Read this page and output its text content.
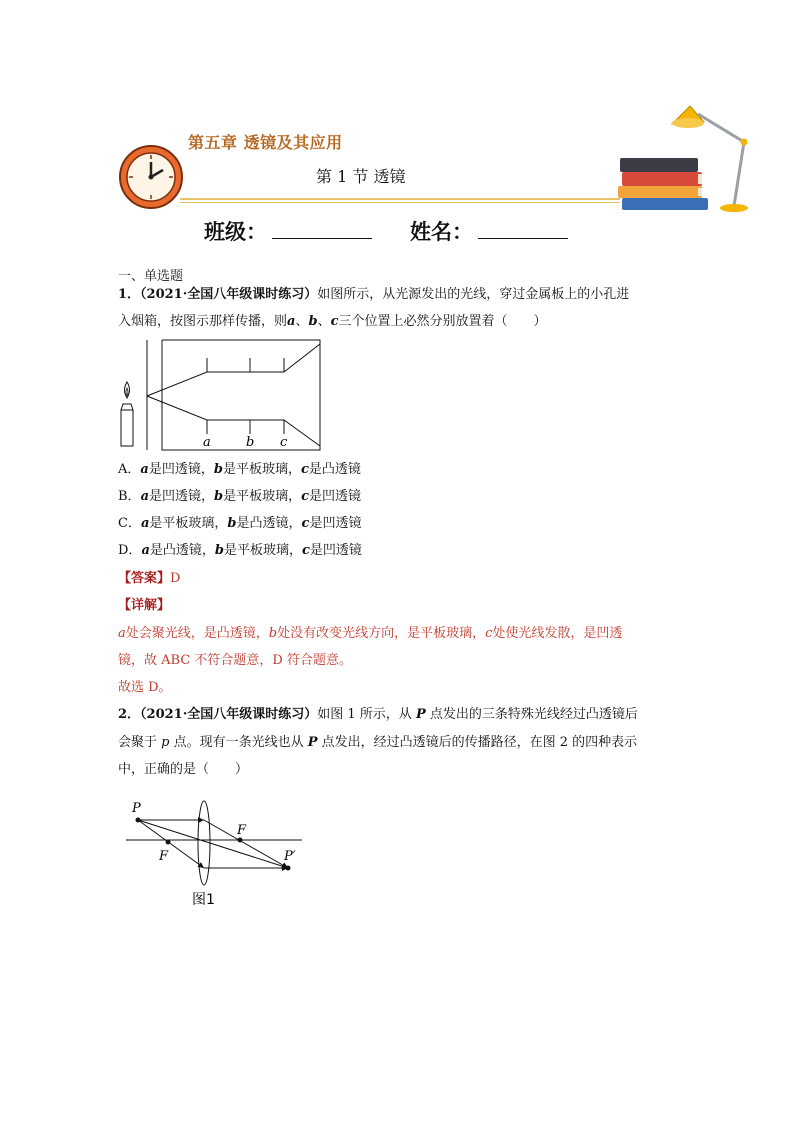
第五章 透镜及其应用
第 1 节 透镜
班级：	姓名：
一、单选题
1．（2021·全国八年级课时练习）如图所示，从光源发出的光线，穿过金属板上的小孔进
入烟箱，按图示那样传播，则a、b、c三个位置上必然分别放置着（　　）
a	b c
A．a是凹透镜，b是平板玻璃，c是凸透镜
B．a是凹透镜，b是平板玻璃，c是凹透镜
C．a是平板玻璃，b是凸透镜，c是凹透镜
D．a是凸透镜，b是平板玻璃，c是凹透镜
【答案】D
【详解】
a处会聚光线，是凸透镜，b处没有改变光线方向，是平板玻璃，c处使光线发散，是凹透
镜，故 ABC 不符合题意，D 符合题意。
故选 D。
2．（2021·全国八年级课时练习）如图 1 所示，从 P 点发出的三条特殊光线经过凸透镜后
会聚于 p 点。现有一条光线也从 P 点发出，经过凸透镜后的传播路径，在图 2 的四种表示
中，正确的是（　　）
P
F
F	P′
图1
